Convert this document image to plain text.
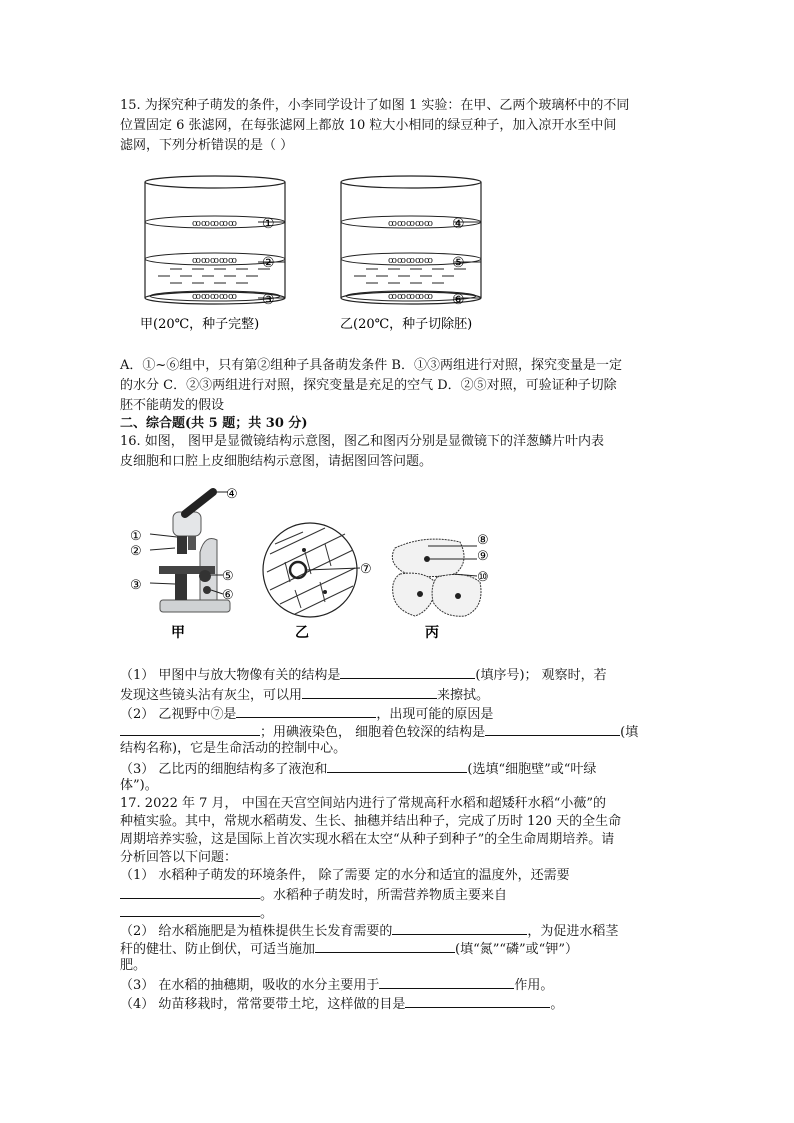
15. 为探究种子萌发的条件，小李同学设计了如图 1 实验：在甲、乙两个玻璃杯中的不同
位置固定 6 张滤网，在每张滤网上都放 10 粒大小相同的绿豆种子，加入凉开水至中间
滤网，下列分析错误的是（ ）
ꝏꝏꝏꝏꝏ
ꝏꝏꝏꝏꝏ
ꝏꝏꝏꝏꝏ
①
②
③
甲(20℃，种子完整)
ꝏꝏꝏꝏꝏ
ꝏꝏꝏꝏꝏ
ꝏꝏꝏꝏꝏ
④
⑤
⑥
乙(20℃，种子切除胚)
A．①~⑥组中，只有第②组种子具备萌发条件 B．①③两组进行对照，探究变量是一定
的水分 C．②③两组进行对照，探究变量是充足的空气 D．②⑤对照，可验证种子切除
胚不能萌发的假设
二、综合题(共 5 题；共 30 分)
16. 如图， 图甲是显微镜结构示意图，图乙和图丙分别是显微镜下的洋葱鳞片叶内表
皮细胞和口腔上皮细胞结构示意图，请据图回答问题。
④
①
②
③
⑤
⑥
甲
⑦
乙
⑧
⑨
⑩
丙
（1） 甲图中与放大物像有关的结构是	(填序号)； 观察时，若
发现这些镜头沾有灰尘，可以用	来擦拭。
（2） 乙视野中⑦是	，出现可能的原因是
；用碘液染色， 细胞着色较深的结构是	(填
结构名称)，它是生命活动的控制中心。
（3） 乙比丙的细胞结构多了液泡和	(选填“细胞壁”或“叶绿
体”)。
17. 2022 年 7 月， 中国在天宫空间站内进行了常规高秆水稻和超矮秆水稻“小薇”的
种植实验。其中，常规水稻萌发、生长、抽穗并结出种子，完成了历时 120 天的全生命
周期培养实验，这是国际上首次实现水稻在太空“从种子到种子”的全生命周期培养。请
分析回答以下问题：
（1） 水稻种子萌发的环境条件， 除了需要 定的水分和适宜的温度外，还需要
。水稻种子萌发时，所需营养物质主要来自
。
（2） 给水稻施肥是为植株提供生长发育需要的	，为促进水稻茎
秆的健壮、防止倒伏，可适当施加	(填“氮”“磷”或“钾”）
肥。
（3） 在水稻的抽穗期，吸收的水分主要用于	作用。
（4） 幼苗移栽时，常常要带土坨，这样做的目是	。
